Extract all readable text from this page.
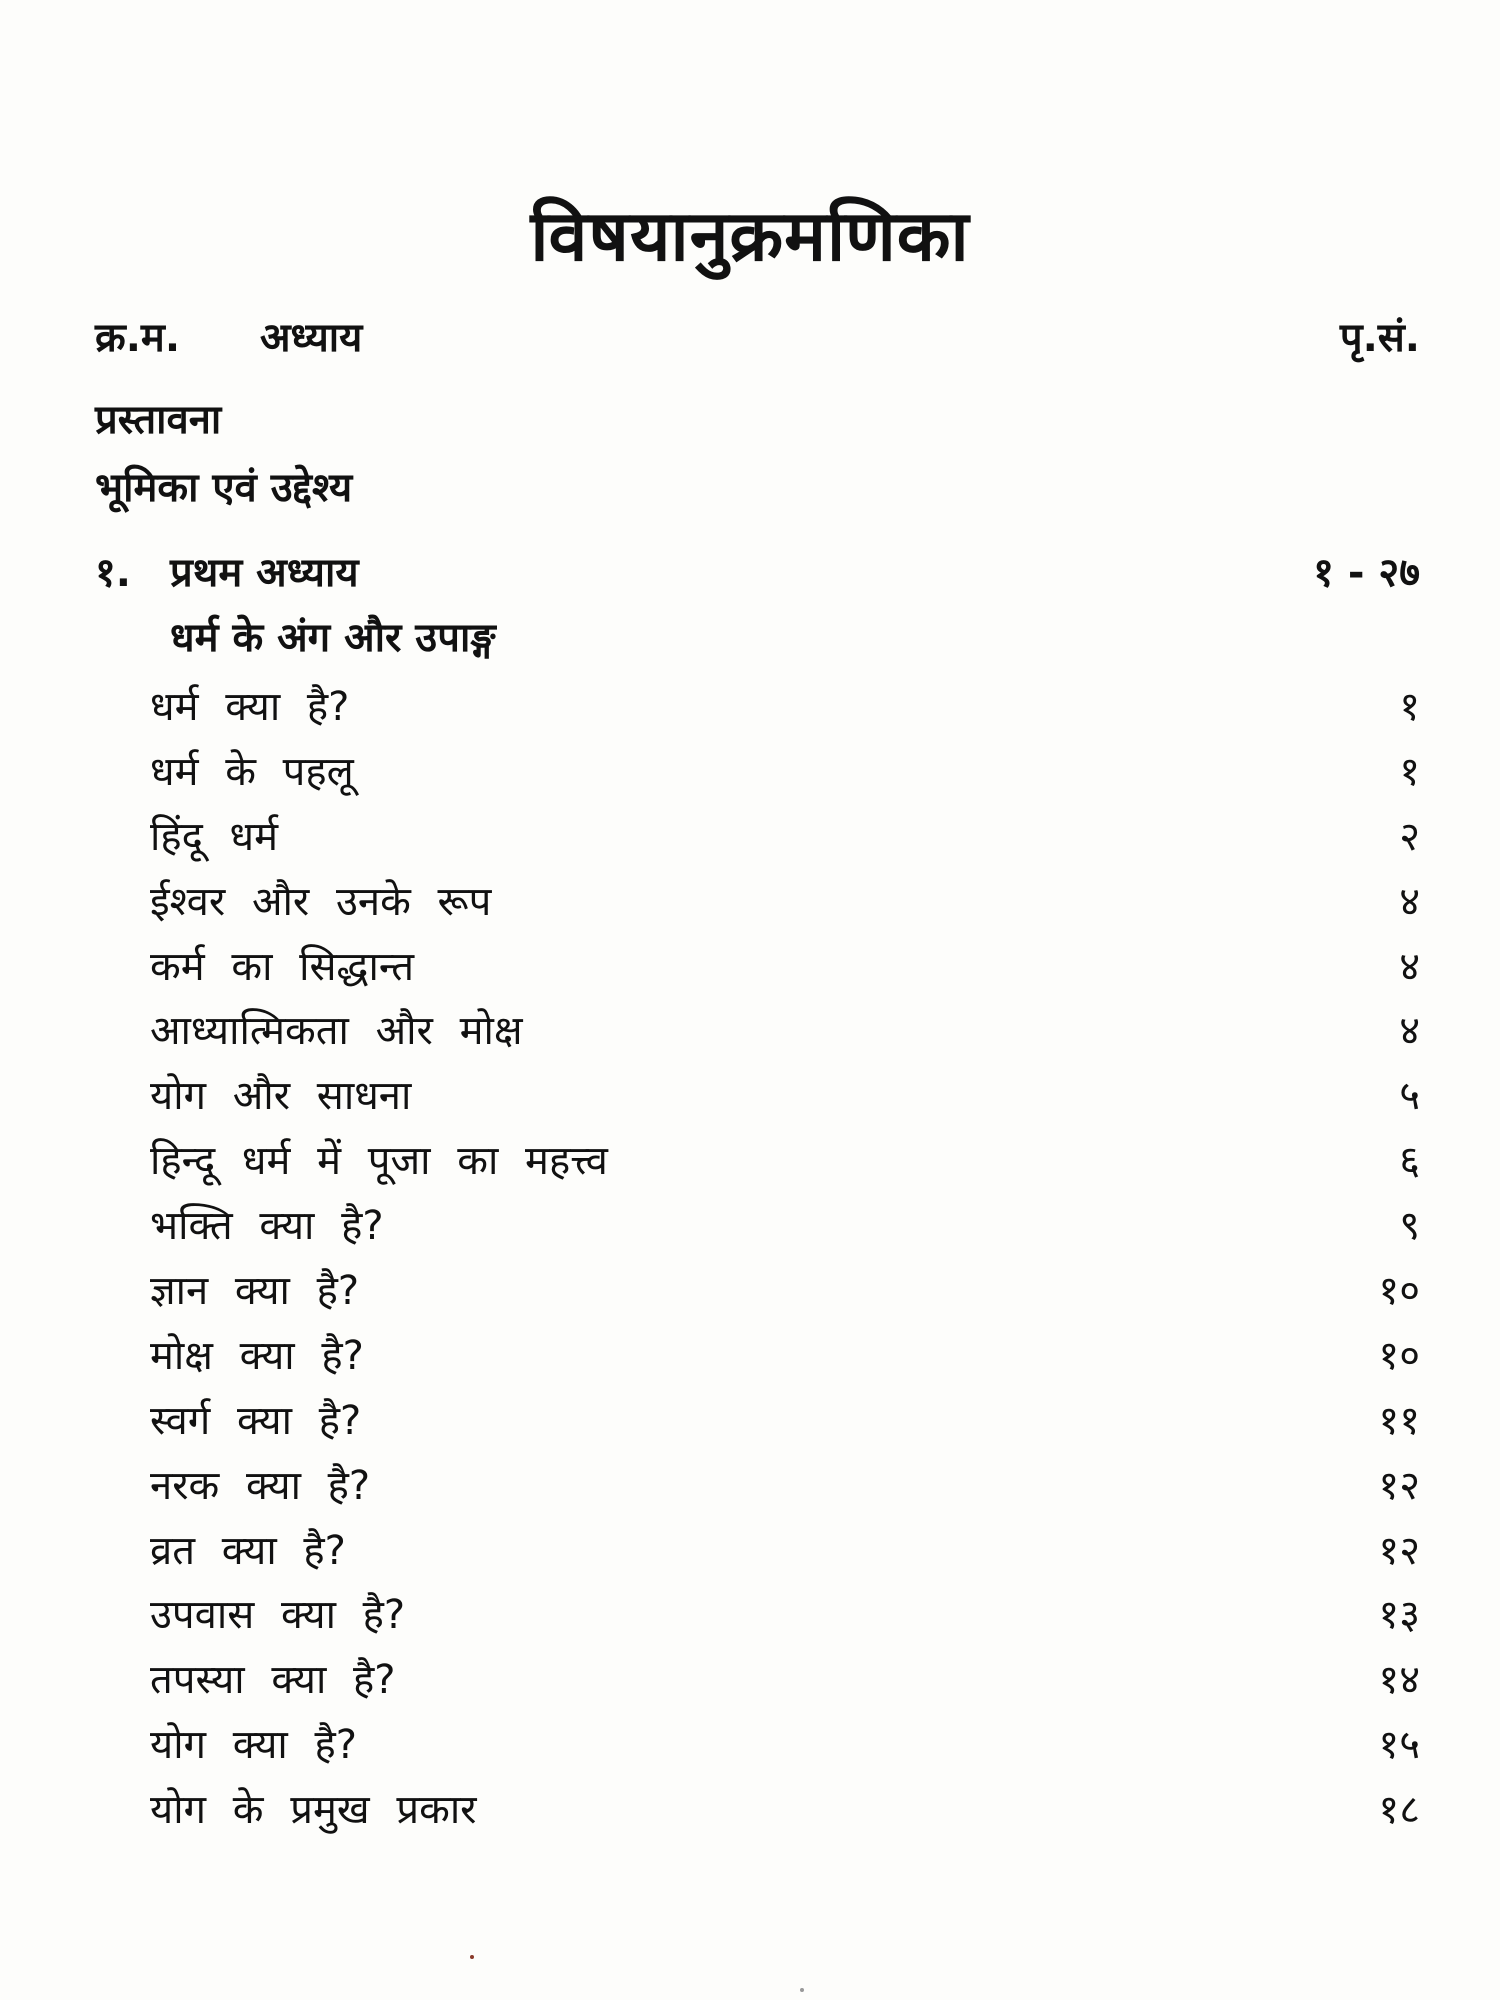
विषयानुक्रमणिका
क्र.म. अध्याय	पृ.सं.
प्रस्तावना
भूमिका एवं उद्देश्य
१. प्रथम अध्याय	१ - २७
धर्म के अंग और उपाङ्ग
धर्म क्या है?	१
धर्म के पहलू	१
हिंदू धर्म	२
ईश्वर और उनके रूप	४
कर्म का सिद्धान्त	४
आध्यात्मिकता और मोक्ष	४
योग और साधना	५
हिन्दू धर्म में पूजा का महत्त्व	६
भक्ति क्या है?	९
ज्ञान क्या है?	१०
मोक्ष क्या है?	१०
स्वर्ग क्या है?	११
नरक क्या है?	१२
व्रत क्या है?	१२
उपवास क्या है?	१३
तपस्या क्या है?	१४
योग क्या है?	१५
योग के प्रमुख प्रकार	१८
